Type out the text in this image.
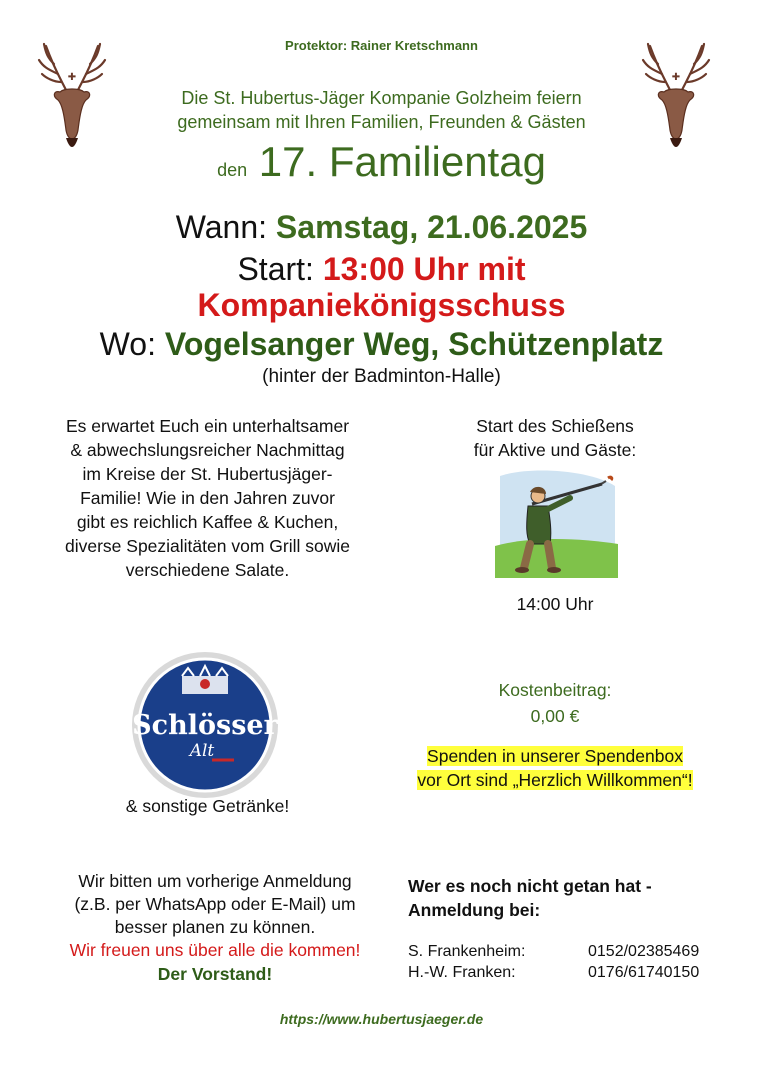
✚	✚
Protektor: Rainer Kretschmann
Die St. Hubertus-Jäger Kompanie Golzheim feiern
gemeinsam mit Ihren Familien, Freunden & Gästen
den 17. Familientag
Wann: Samstag, 21.06.2025
Start: 13:00 Uhr mit
Kompaniekönigsschuss
Wo: Vogelsanger Weg, Schützenplatz
(hinter der Badminton-Halle)
Es erwartet Euch ein unterhaltsamer
& abwechslungsreicher Nachmittag
im Kreise der St. Hubertusjäger-
Familie! Wie in den Jahren zuvor
gibt es reichlich Kaffee & Kuchen,
diverse Spezialitäten vom Grill sowie
verschiedene Salate.
Start des Schießens
für Aktive und Gäste:
14:00 Uhr
Schlösser
Alt
& sonstige Getränke!
Kostenbeitrag:
0,00 €
Spenden in unserer Spendenbox
vor Ort sind „Herzlich Willkommen“!
Wir bitten um vorherige Anmeldung
(z.B. per WhatsApp oder E-Mail) um
besser planen zu können.
Wir freuen uns über alle die kommen!
Der Vorstand!
Wer es noch nicht getan hat -
Anmeldung bei:
S. Frankenheim:	0152/02385469
H.-W. Franken:	0176/61740150
https://www.hubertusjaeger.de
